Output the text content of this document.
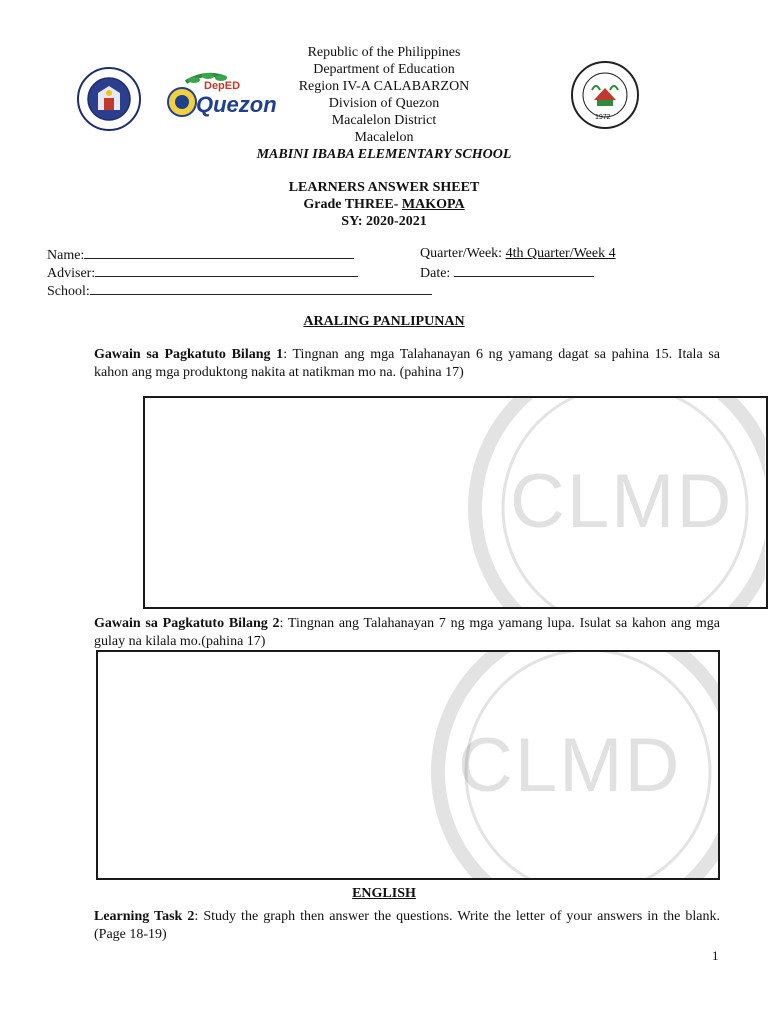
DepED
Quezon
1972
Republic of the Philippines
Department of Education
Region IV-A CALABARZON
Division of Quezon
Macalelon District
Macalelon
MABINI IBABA ELEMENTARY SCHOOL
LEARNERS ANSWER SHEET
Grade THREE- MAKOPA
SY: 2020-2021
Name:
Adviser:
School:
Quarter/Week: 4th Quarter/Week 4
Date:
ARALING PANLIPUNAN
Gawain sa Pagkatuto Bilang 1: Tingnan ang mga Talahanayan 6 ng yamang dagat sa pahina 15. Itala sa kahon ang mga produktong nakita at natikman mo na. (pahina 17)
CLMD
Gawain sa Pagkatuto Bilang 2: Tingnan ang Talahanayan 7 ng mga yamang lupa. Isulat sa kahon ang mga gulay na kilala mo.(pahina 17)
CLMD
ENGLISH
Learning Task 2: Study the graph then answer the questions. Write the letter of your answers in the blank. (Page 18-19)
1
